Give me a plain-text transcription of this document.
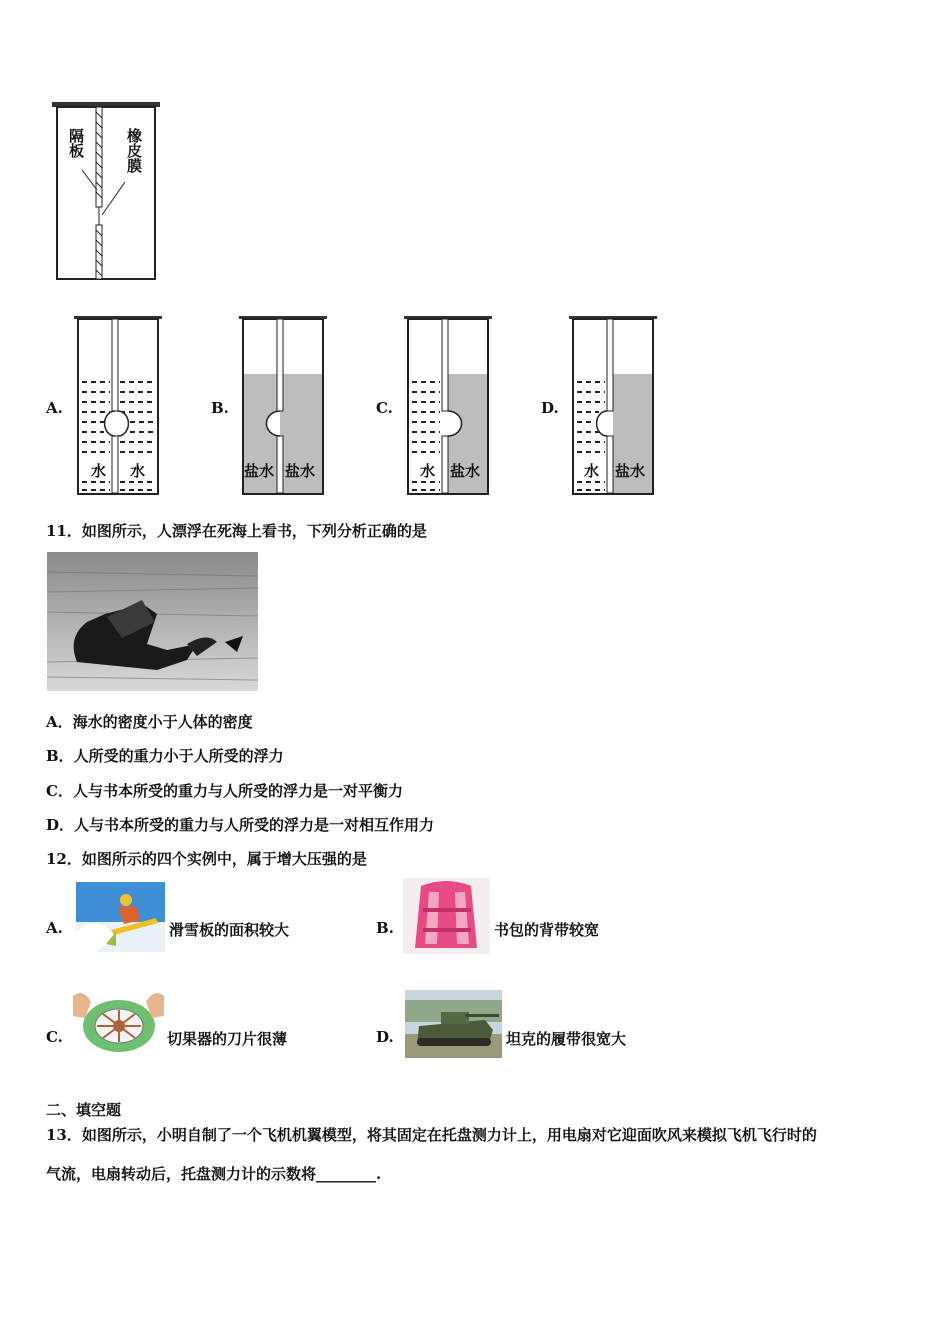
隔板	橡皮膜
A.
水 水
B.
盐水 盐水
C.
水 盐水
D.
水 盐水
11．如图所示，人漂浮在死海上看书，下列分析正确的是
A．海水的密度小于人体的密度
B．人所受的重力小于人所受的浮力
C．人与书本所受的重力与人所受的浮力是一对平衡力
D．人与书本所受的重力与人所受的浮力是一对相互作用力
12．如图所示的四个实例中，属于增大压强的是
A.	滑雪板的面积较大	B.	书包的背带较宽
C.	切果器的刀片很薄	D.	坦克的履带很宽大
二、填空题
13．如图所示，小明自制了一个飞机机翼模型，将其固定在托盘测力计上，用电扇对它迎面吹风来模拟飞机飞行时的
气流，电扇转动后，托盘测力计的示数将________.
